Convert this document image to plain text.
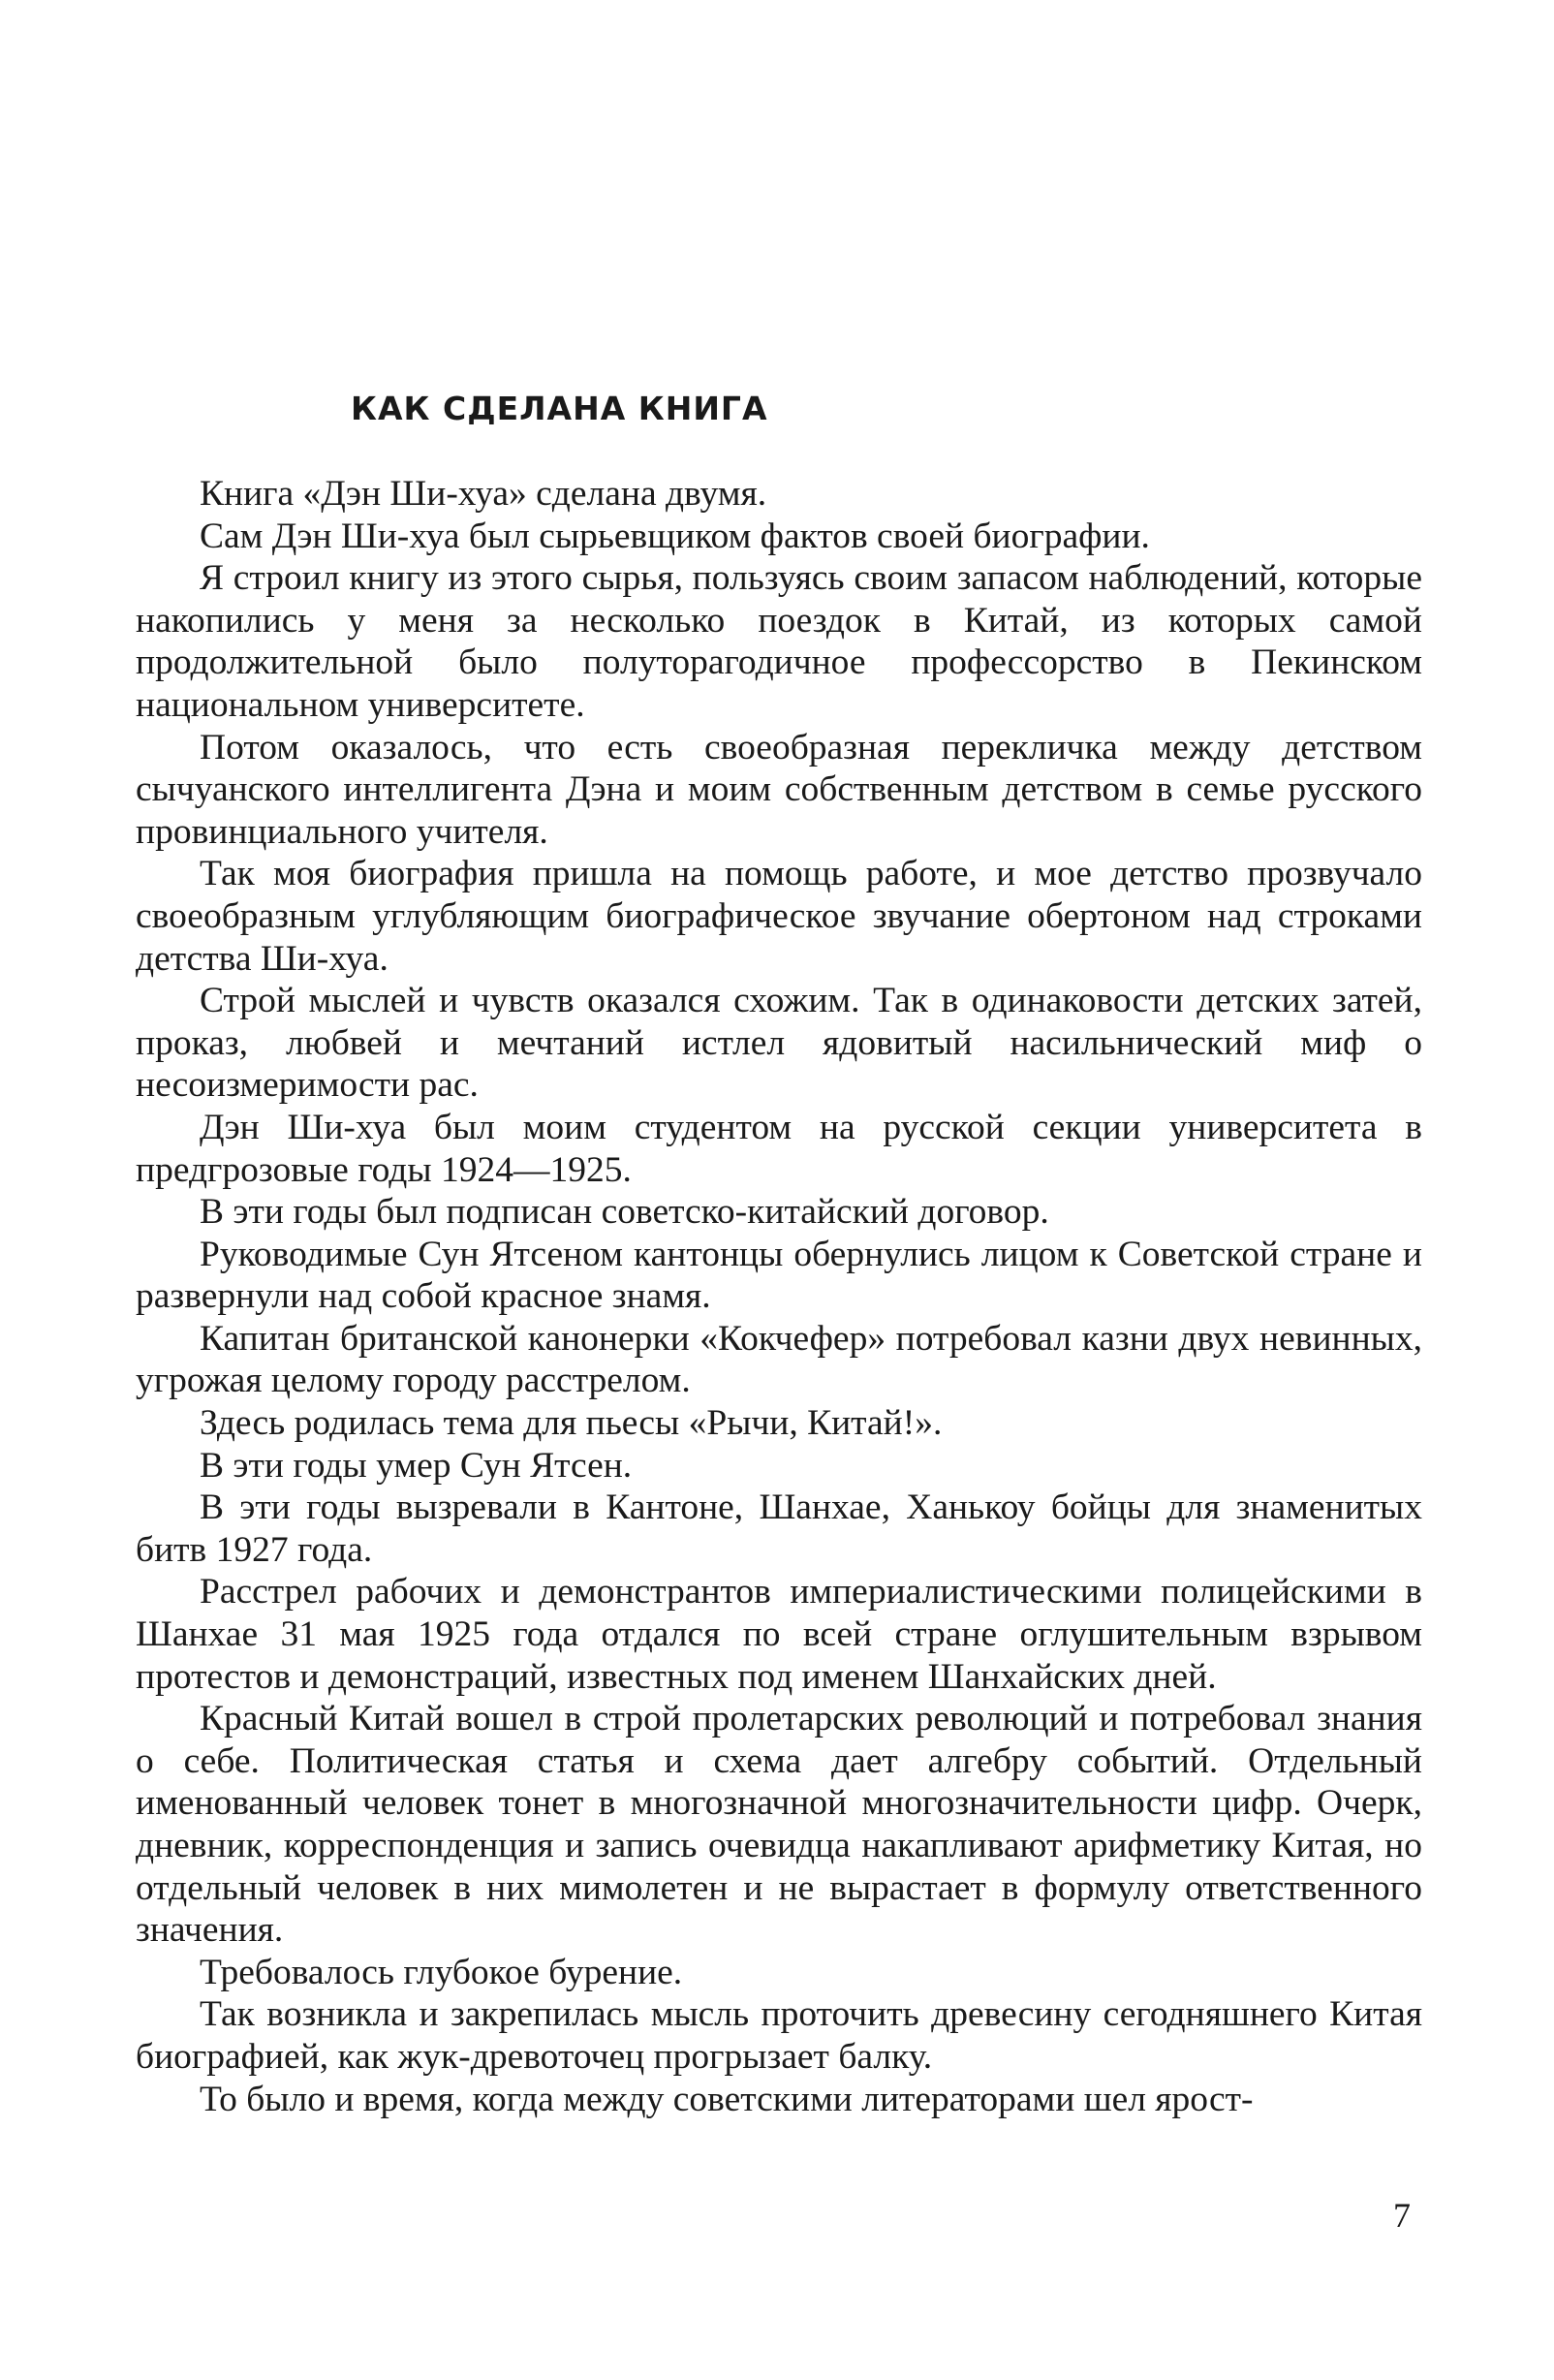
КАК СДЕЛАНА КНИГА

Книга «Дэн Ши-хуа» сделана двумя.

Сам Дэн Ши-хуа был сырьевщиком фактов своей биографии.

Я строил книгу из этого сырья, пользуясь своим запасом наблюдений, которые накопились у меня за несколько поездок в Китай, из которых самой продолжительной было полуторагодичное профессорство в Пекинском национальном университете.

Потом оказалось, что есть своеобразная перекличка между детством сычуанского интеллигента Дэна и моим собственным детством в семье русского провинциального учителя.

Так моя биография пришла на помощь работе, и мое детство прозвучало своеобразным углубляющим биографическое звучание обертоном над строками детства Ши-хуа.

Строй мыслей и чувств оказался схожим. Так в одинаковости детских затей, проказ, любвей и мечтаний истлел ядовитый насильнический миф о несоизмеримости рас.

Дэн Ши-хуа был моим студентом на русской секции университета в предгрозовые годы 1924—1925.

В эти годы был подписан советско-китайский договор.

Руководимые Сун Ятсеном кантонцы обернулись лицом к Советской стране и развернули над собой красное знамя.

Капитан британской канонерки «Кокчефер» потребовал казни двух невинных, угрожая целому городу расстрелом.

Здесь родилась тема для пьесы «Рычи, Китай!».

В эти годы умер Сун Ятсен.

В эти годы вызревали в Кантоне, Шанхае, Ханькоу бойцы для знаменитых битв 1927 года.

Расстрел рабочих и демонстрантов империалистическими полицейскими в Шанхае 31 мая 1925 года отдался по всей стране оглушительным взрывом протестов и демонстраций, известных под именем Шанхайских дней.

Красный Китай вошел в строй пролетарских революций и потребовал знания о себе. Политическая статья и схема дает алгебру событий. Отдельный именованный человек тонет в многозначной многозначительности цифр. Очерк, дневник, корреспонденция и запись очевидца накапливают арифметику Китая, но отдельный человек в них мимолетен и не вырастает в формулу ответственного значения.

Требовалось глубокое бурение.

Так возникла и закрепилась мысль проточить древесину сегодняшнего Китая биографией, как жук-древоточец прогрызает балку.

То было и время, когда между советскими литераторами шел ярост-

7
